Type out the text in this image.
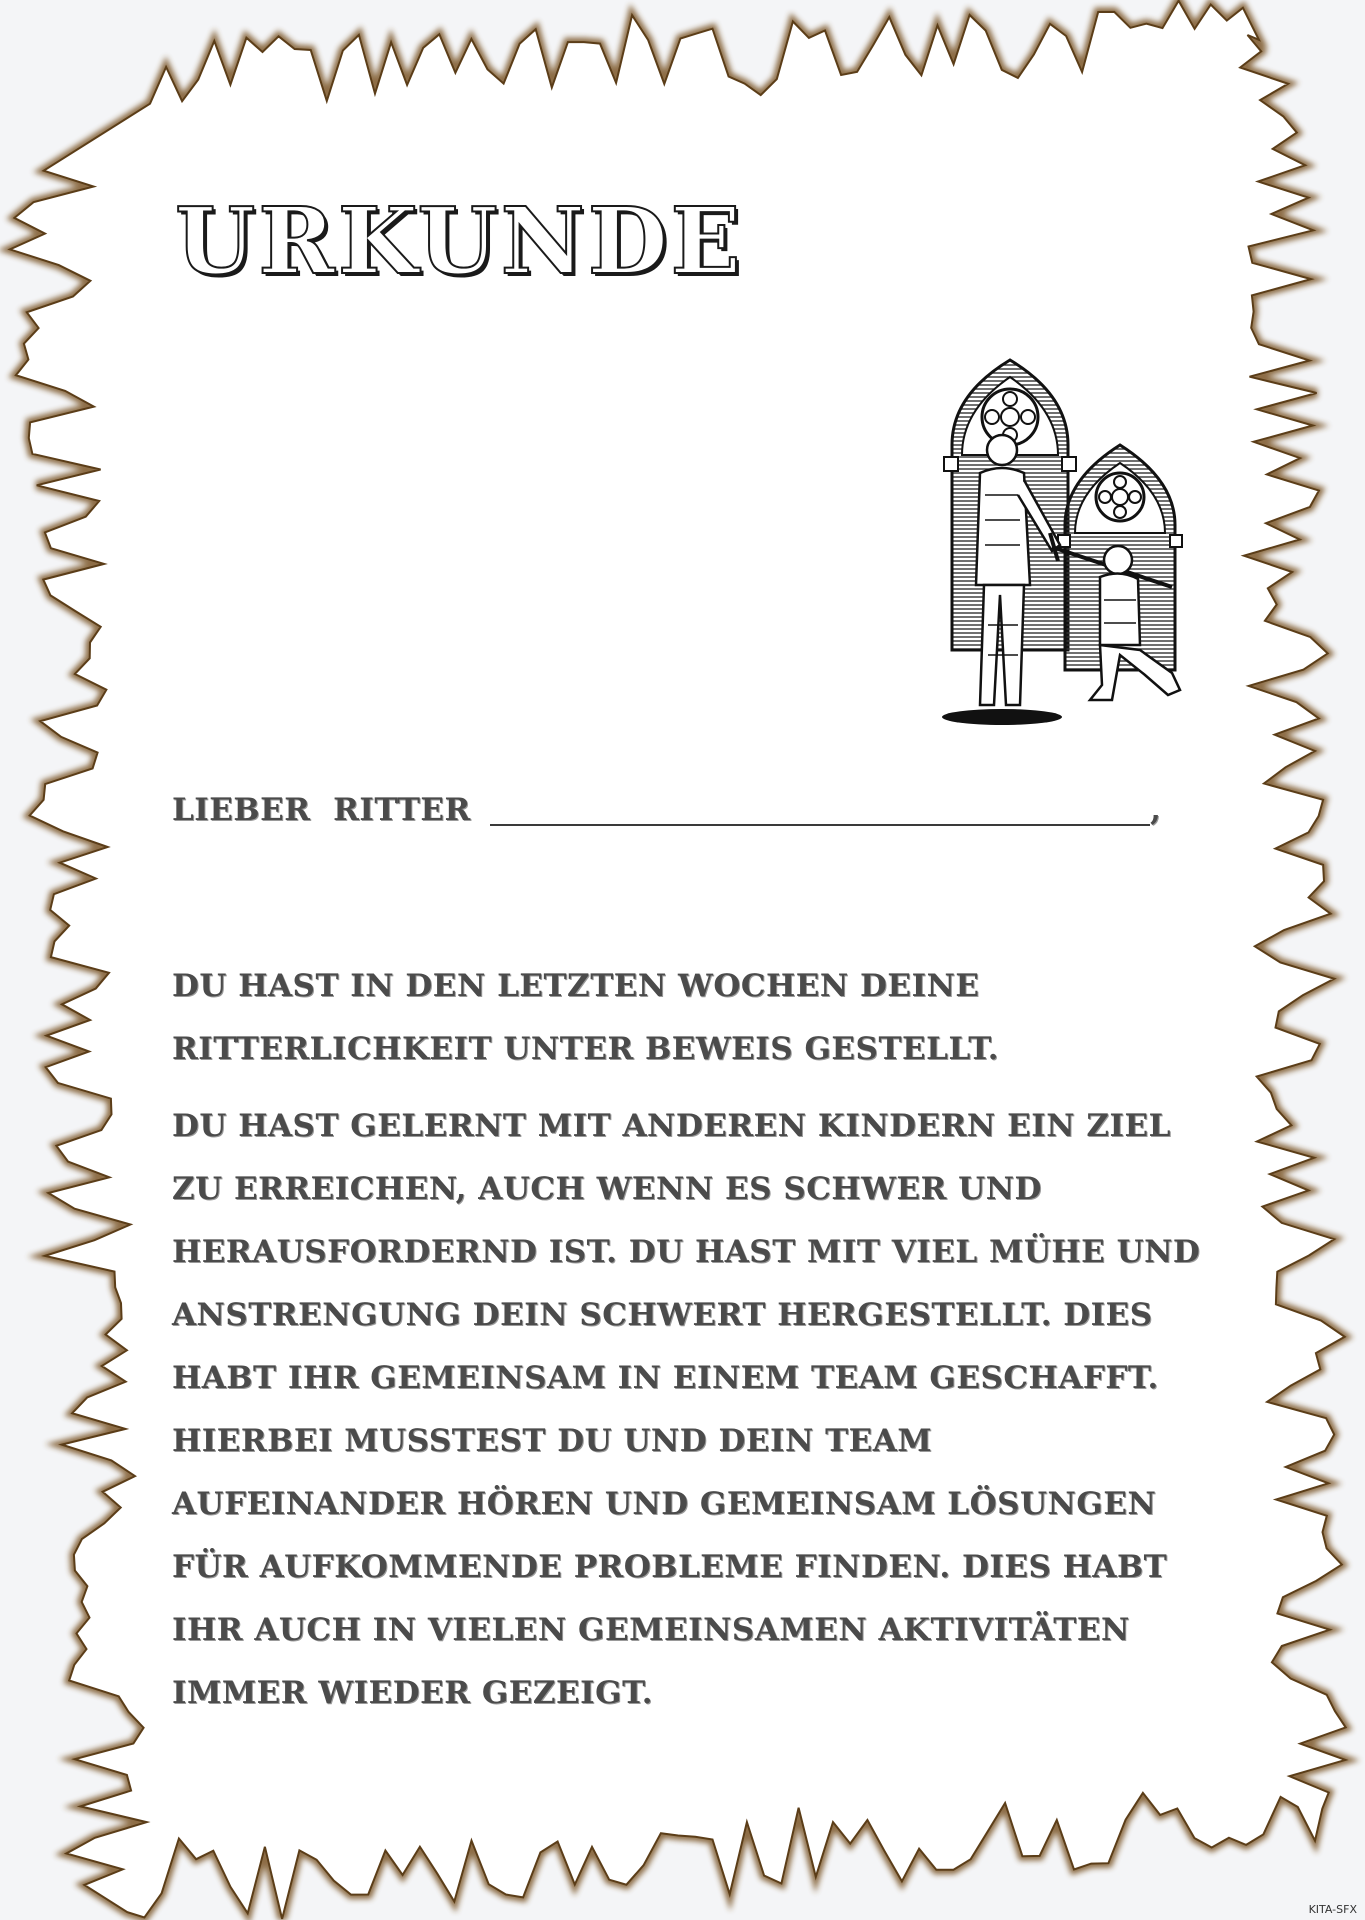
URKUNDE
LIEBER  RITTER	,

DU HAST IN DEN LETZTEN WOCHEN DEINE RITTERLICHKEIT UNTER BEWEIS GESTELLT.

DU HAST GELERNT MIT ANDEREN KINDERN EIN ZIEL ZU ERREICHEN, AUCH WENN ES SCHWER UND HERAUSFORDERND IST. DU HAST MIT VIEL MÜHE UND ANSTRENGUNG DEIN SCHWERT HERGESTELLT. DIES HABT IHR GEMEINSAM IN EINEM TEAM GESCHAFFT. HIERBEI MUSSTEST DU UND DEIN TEAM AUFEINANDER HÖREN UND GEMEINSAM LÖSUNGEN FÜR AUFKOMMENDE PROBLEME FINDEN. DIES HABT IHR AUCH IN VIELEN GEMEINSAMEN AKTIVITÄTEN IMMER WIEDER GEZEIGT.

KITA-SFX
